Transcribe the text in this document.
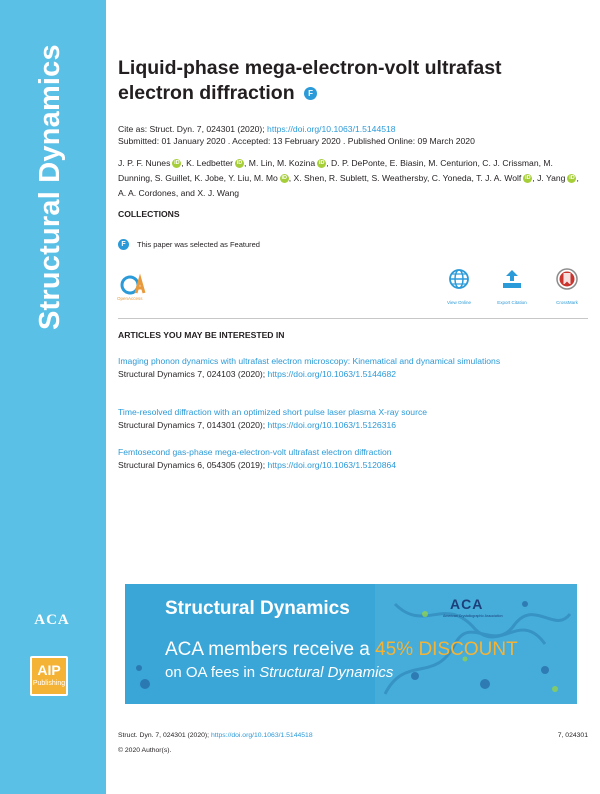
Structural Dynamics
ACA
AIP
Publishing
Liquid-phase mega-electron-volt ultrafast electron diffraction F
Cite as: Struct. Dyn. 7, 024301 (2020); https://doi.org/10.1063/1.5144518
Submitted: 01 January 2020 . Accepted: 13 February 2020 . Published Online: 09 March 2020
J. P. F. Nunes iD , K. Ledbetter iD , M. Lin, M. Kozina iD , D. P. DePonte, E. Biasin, M. Centurion, C. J. Crissman, M. Dunning, S. Guillet, K. Jobe, Y. Liu, M. Mo iD , X. Shen, R. Sublett, S. Weathersby, C. Yoneda, T. J. A. Wolf iD , J. Yang iD , A. A. Cordones, and X. J. Wang
COLLECTIONS
F	This paper was selected as Featured
OpenAccess
View Online	Export Citation	CrossMark
ARTICLES YOU MAY BE INTERESTED IN
Imaging phonon dynamics with ultrafast electron microscopy: Kinematical and dynamical simulations
Structural Dynamics 7, 024103 (2020); https://doi.org/10.1063/1.5144682
Time-resolved diffraction with an optimized short pulse laser plasma X-ray source
Structural Dynamics 7, 014301 (2020); https://doi.org/10.1063/1.5126316
Femtosecond gas-phase mega-electron-volt ultrafast electron diffraction
Structural Dynamics 6, 054305 (2019); https://doi.org/10.1063/1.5120864
Structural Dynamics	ACA
American Crystallographic Association
ACA members receive a 45% DISCOUNT
on OA fees in Structural Dynamics
Struct. Dyn. 7, 024301 (2020); https://doi.org/10.1063/1.5144518	7, 024301
© 2020 Author(s).
